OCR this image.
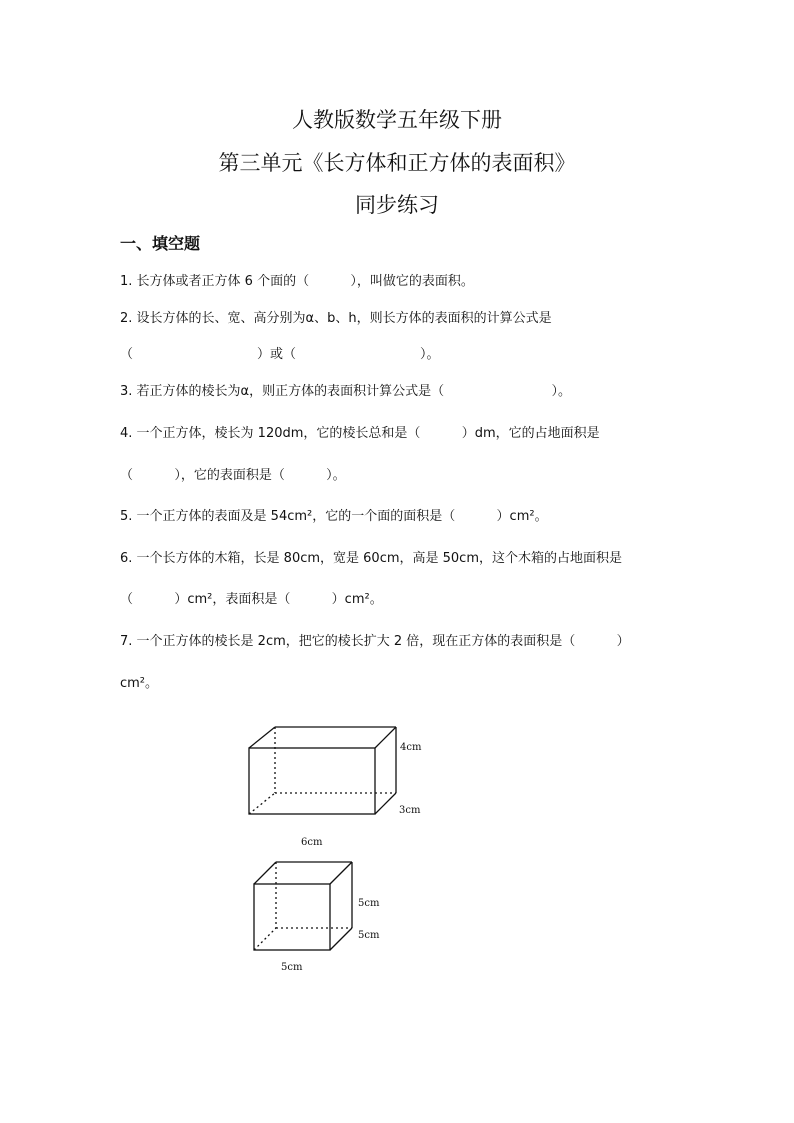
人教版数学五年级下册
第三单元《长方体和正方体的表面积》
同步练习
一、填空题
1. 长方体或者正方体 6 个面的（          ），叫做它的表面积。
2. 设长方体的长、宽、高分别为α、b、h，则长方体的表面积的计算公式是
（                              ）或（                              ）。
3. 若正方体的棱长为α，则正方体的表面积计算公式是（                          ）。
4. 一个正方体，棱长为 120dm，它的棱长总和是（          ）dm，它的占地面积是
（          ），它的表面积是（          ）。
5. 一个正方体的表面及是 54cm²，它的一个面的面积是（          ）cm²。
6. 一个长方体的木箱，长是 80cm，宽是 60cm，高是 50cm，这个木箱的占地面积是
（          ）cm²，表面积是（          ）cm²。
7. 一个正方体的棱长是 2cm，把它的棱长扩大 2 倍，现在正方体的表面积是（          ）
cm²。
4cm
3cm
6cm
5cm
5cm
5cm
